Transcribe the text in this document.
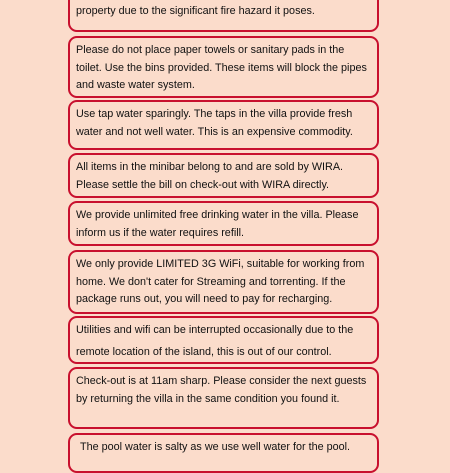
property due to the significant fire hazard it poses.
Please do not place paper towels or sanitary pads in the toilet. Use the bins provided. These items will block the pipes and waste water system.
Use tap water sparingly. The taps in the villa provide fresh water and not well water. This is an expensive commodity.
All items in the minibar belong to and are sold by WIRA. Please settle the bill on check-out with WIRA directly.
We provide unlimited free drinking water in the villa. Please inform us if the water requires refill.
We only provide LIMITED 3G WiFi, suitable for working from home. We don't cater for Streaming and torrenting. If the package runs out, you will need to pay for recharging.
Utilities and wifi can be interrupted occasionally due to the remote location of the island, this is out of our control.
Check-out is at 11am sharp. Please consider the next guests by returning the villa in the same condition you found it.
The pool water is salty as we use well water for the pool.
